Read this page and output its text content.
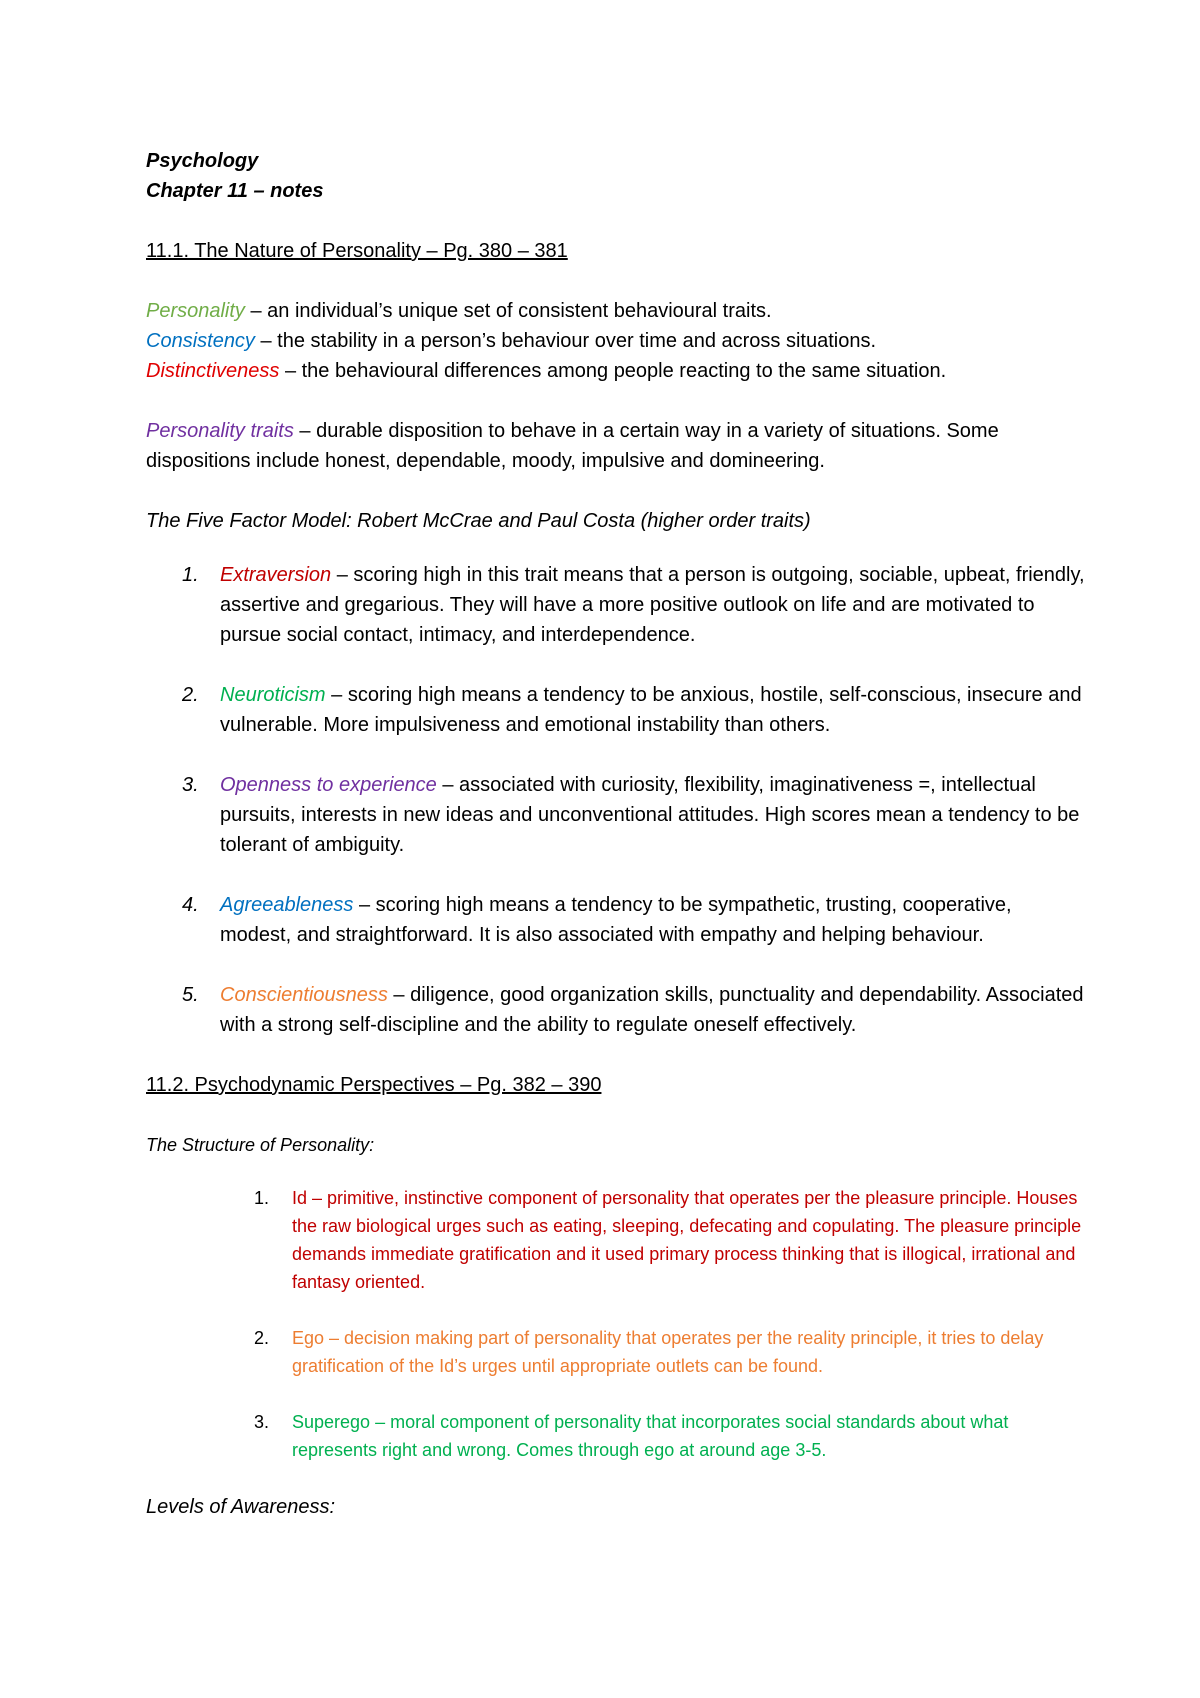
Psychology

Chapter 11 – notes

11.1. The Nature of Personality – Pg. 380 – 381

Personality – an individual’s unique set of consistent behavioural traits.

Consistency – the stability in a person’s behaviour over time and across situations.

Distinctiveness – the behavioural differences among people reacting to the same situation.

Personality traits – durable disposition to behave in a certain way in a variety of situations. Some dispositions include honest, dependable, moody, impulsive and domineering.

The Five Factor Model: Robert McCrae and Paul Costa (higher order traits)

1. Extraversion – scoring high in this trait means that a person is outgoing, sociable, upbeat, friendly, assertive and gregarious. They will have a more positive outlook on life and are motivated to pursue social contact, intimacy, and interdependence.
2. Neuroticism – scoring high means a tendency to be anxious, hostile, self-conscious, insecure and vulnerable. More impulsiveness and emotional instability than others.
3. Openness to experience – associated with curiosity, flexibility, imaginativeness =, intellectual pursuits, interests in new ideas and unconventional attitudes. High scores mean a tendency to be tolerant of ambiguity.
4. Agreeableness – scoring high means a tendency to be sympathetic, trusting, cooperative, modest, and straightforward. It is also associated with empathy and helping behaviour.
5. Conscientiousness – diligence, good organization skills, punctuality and dependability. Associated with a strong self-discipline and the ability to regulate oneself effectively.

11.2. Psychodynamic Perspectives – Pg. 382 – 390

The Structure of Personality:

1. Id – primitive, instinctive component of personality that operates per the pleasure principle. Houses the raw biological urges such as eating, sleeping, defecating and copulating. The pleasure principle demands immediate gratification and it used primary process thinking that is illogical, irrational and fantasy oriented.
2. Ego – decision making part of personality that operates per the reality principle, it tries to delay gratification of the Id’s urges until appropriate outlets can be found.
3. Superego – moral component of personality that incorporates social standards about what represents right and wrong. Comes through ego at around age 3-5.

Levels of Awareness:
